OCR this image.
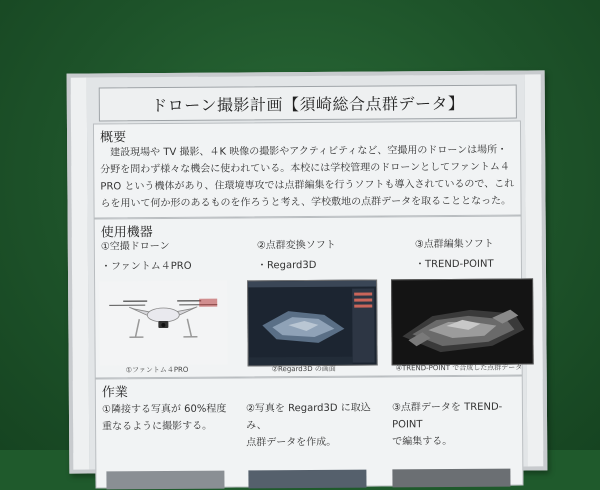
ドローン撮影計画【須崎総合点群データ】
概要
建設現場や TV 撮影、４K 映像の撮影やアクティビティなど、空撮用のドローンは場所・分野を問わず様々な機会に使われている。本校には学校管理のドローンとしてファントム４PRO という機体があり、住環境専攻では点群編集を行うソフトも導入されているので、これらを用いて何か形のあるものを作ろうと考え、学校敷地の点群データを取ることとなった。
使用機器
①空撮ドローン
・ファントム４PRO
②点群変換ソフト
・Regard3D
③点群編集ソフト
・TREND-POINT
①ファントム４PRO	②Regard3D の画面	④TREND-POINT で合成した点群データ
作業
①隣接する写真が 60%程度
重なるように撮影する。
②写真を Regard3D に取込み、
点群データを作成。
③点群データを TREND-POINT
で編集する。
